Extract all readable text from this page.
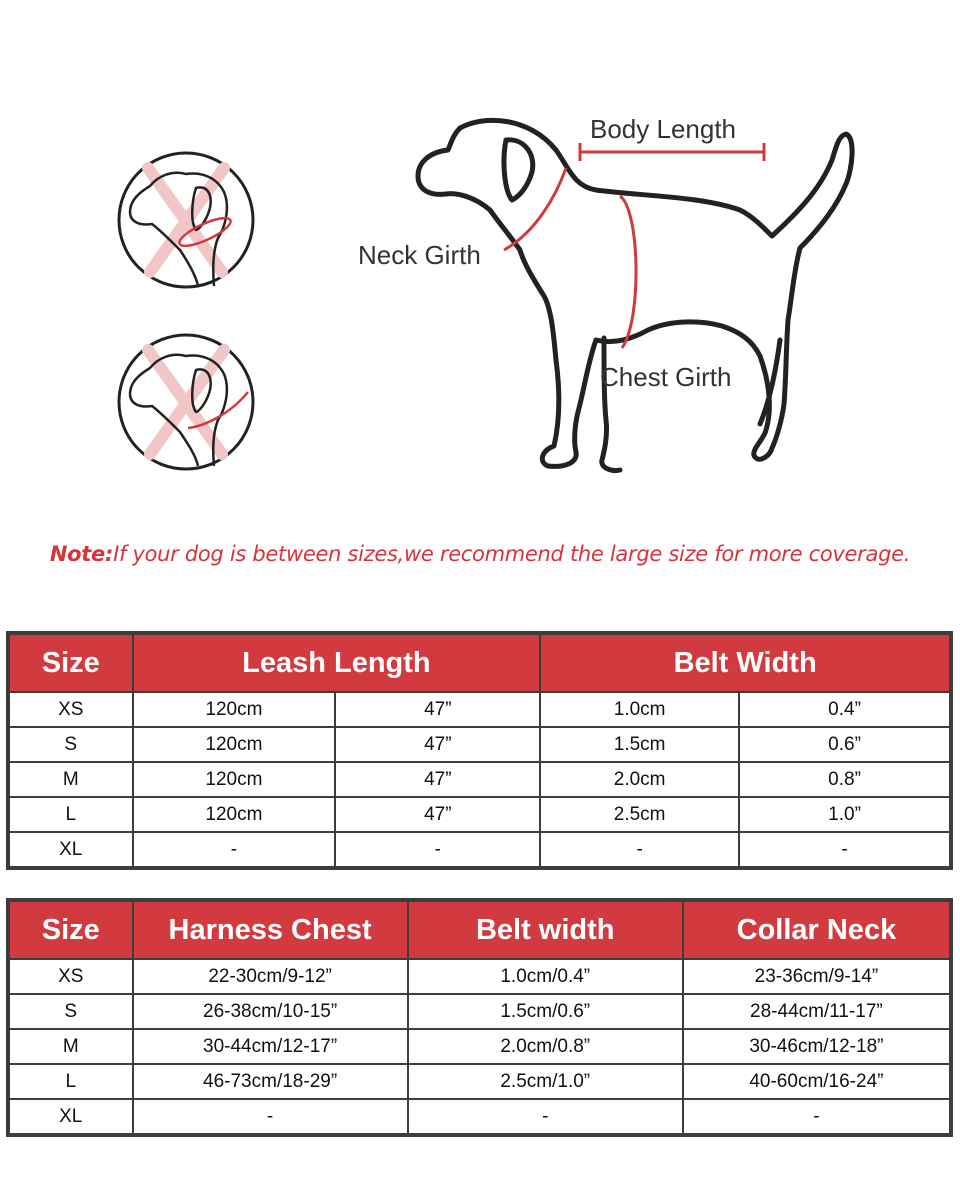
Body Length
Neck Girth
Chest Girth
Note:If your dog is between sizes,we recommend the large size for more coverage.
Size	Leash Length		Belt Width	
XS	120cm	47”	1.0cm	0.4”
S	120cm	47”	1.5cm	0.6”
M	120cm	47”	2.0cm	0.8”
L	120cm	47”	2.5cm	1.0”
XL	-	-	-	-
Size	Harness Chest	Belt width	Collar Neck
XS	22-30cm/9-12”	1.0cm/0.4”	23-36cm/9-14”
S	26-38cm/10-15”	1.5cm/0.6”	28-44cm/11-17”
M	30-44cm/12-17”	2.0cm/0.8”	30-46cm/12-18”
L	46-73cm/18-29”	2.5cm/1.0”	40-60cm/16-24”
XL	-	-	-
